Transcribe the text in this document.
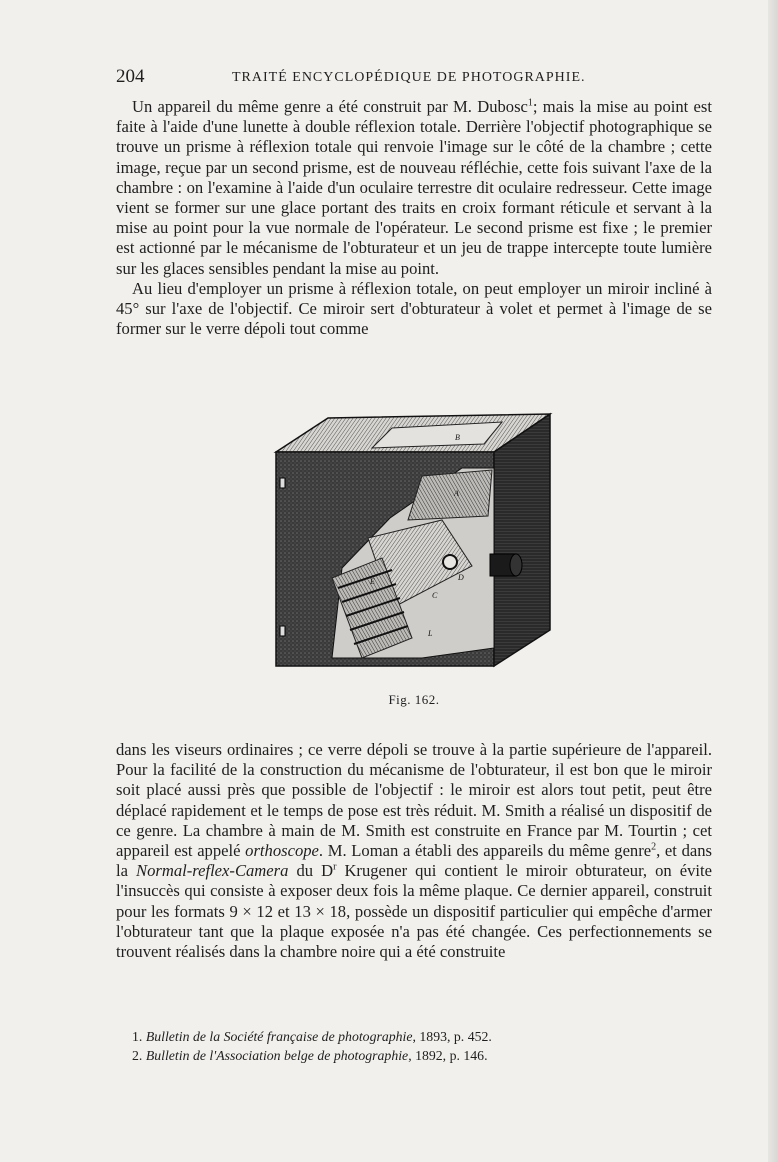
204	TRAITÉ ENCYCLOPÉDIQUE DE PHOTOGRAPHIE.

Un appareil du même genre a été construit par M. Dubosc$^1$; mais la mise au point est faite à l'aide d'une lunette à double réflexion totale. Derrière l'objectif photographique se trouve un prisme à réflexion totale qui renvoie l'image sur le côté de la chambre ; cette image, reçue par un second prisme, est de nouveau réfléchie, cette fois suivant l'axe de la chambre : on l'examine à l'aide d'un oculaire terrestre dit oculaire redresseur. Cette image vient se former sur une glace portant des traits en croix formant réticule et servant à la mise au point pour la vue normale de l'opérateur. Le second prisme est fixe ; le premier est actionné par le mécanisme de l'obturateur et un jeu de trappe intercepte toute lumière sur les glaces sensibles pendant la mise au point.

Au lieu d'employer un prisme à réflexion totale, on peut employer un miroir incliné à 45° sur l'axe de l'objectif. Ce miroir sert d'obturateur à volet et permet à l'image de se former sur le verre dépoli tout comme

B
A
C
D
E
L
Fig. 162.

dans les viseurs ordinaires ; ce verre dépoli se trouve à la partie supérieure de l'appareil. Pour la facilité de la construction du mécanisme de l'obturateur, il est bon que le miroir soit placé aussi près que possible de l'objectif : le miroir est alors tout petit, peut être déplacé rapidement et le temps de pose est très réduit. M. Smith a réalisé un dispositif de ce genre. La chambre à main de M. Smith est construite en France par M. Tourtin ; cet appareil est appelé orthoscope. M. Loman a établi des appareils du même genre$^2$, et dans la Normal-reflex-Camera du $D^r$ Krugener qui contient le miroir obturateur, on évite l'insuccès qui consiste à exposer deux fois la même plaque. Ce dernier appareil, construit pour les formats 9 × 12 et 13 × 18, possède un dispositif particulier qui empêche d'armer l'obturateur tant que la plaque exposée n'a pas été changée. Ces perfectionnements se trouvent réalisés dans la chambre noire qui a été construite

1. Bulletin de la Société française de photographie, 1893, p. 452.
2. Bulletin de l'Association belge de photographie, 1892, p. 146.
